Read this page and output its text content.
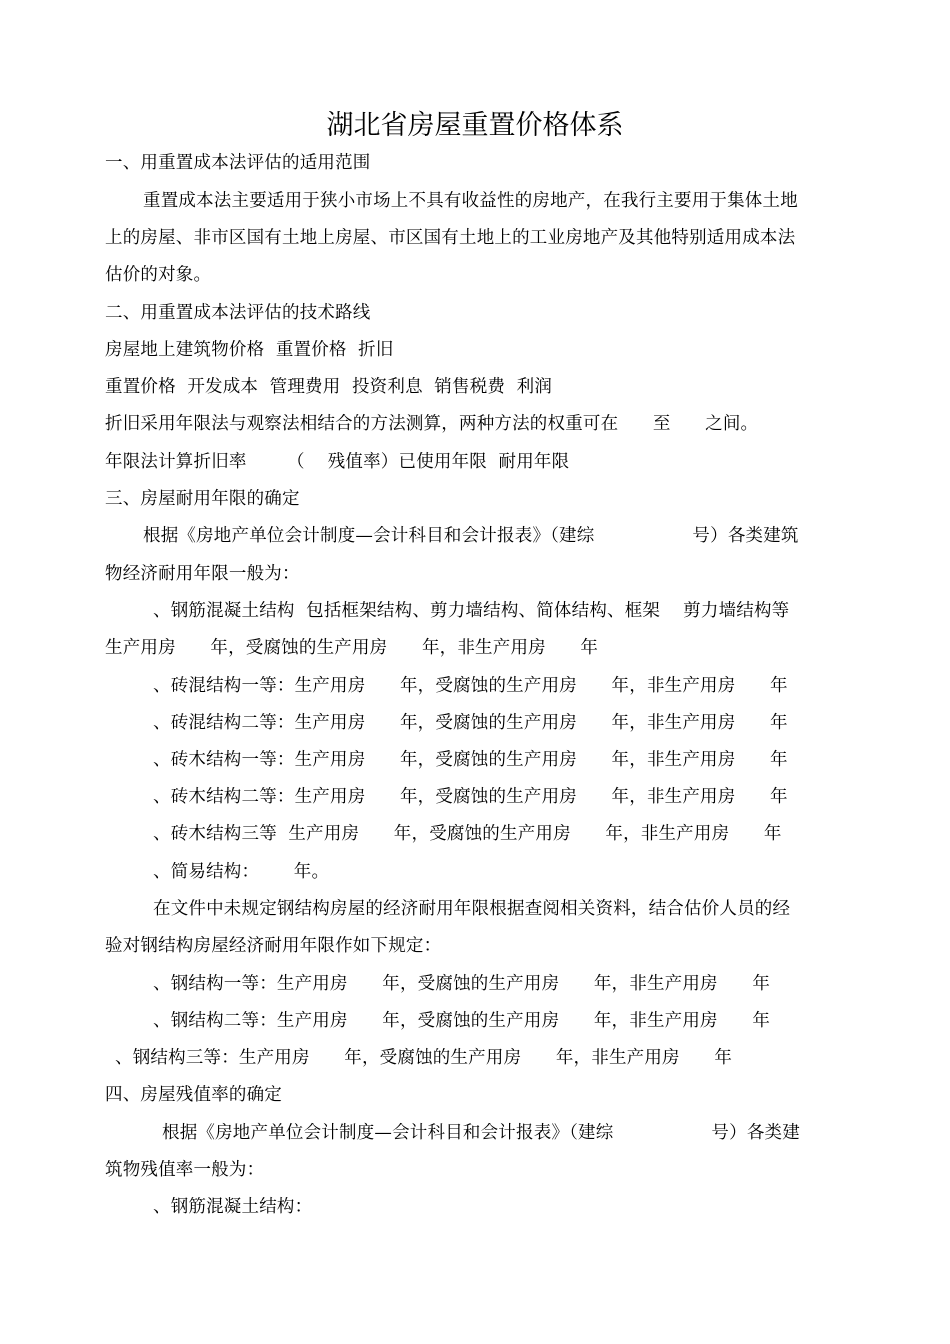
湖北省房屋重置价格体系
一、用重置成本法评估的适用范围
重置成本法主要适用于狭小市场上不具有收益性的房地产，在我行主要用于集体土地
上的房屋、非市区国有土地上房屋、市区国有土地上的工业房地产及其他特别适用成本法
估价的对象。
二、用重置成本法评估的技术路线
房屋地上建筑物价格  重置价格  折旧
重置价格  开发成本  管理费用  投资利息  销售税费  利润
折旧采用年限法与观察法相结合的方法测算，两种方法的权重可在      至      之间。
年限法计算折旧率       （    残值率）已使用年限  耐用年限
三、房屋耐用年限的确定
根据《房地产单位会计制度—会计科目和会计报表》（建综                 号）各类建筑
物经济耐用年限一般为：
、钢筋混凝土结构  包括框架结构、剪力墙结构、简体结构、框架    剪力墙结构等
生产用房      年，受腐蚀的生产用房      年，非生产用房      年
、砖混结构一等：生产用房      年，受腐蚀的生产用房      年，非生产用房      年
、砖混结构二等：生产用房      年，受腐蚀的生产用房      年，非生产用房      年
、砖木结构一等：生产用房      年，受腐蚀的生产用房      年，非生产用房      年
、砖木结构二等：生产用房      年，受腐蚀的生产用房      年，非生产用房      年
、砖木结构三等  生产用房      年，受腐蚀的生产用房      年，非生产用房      年
、简易结构：      年。
在文件中未规定钢结构房屋的经济耐用年限根据查阅相关资料，结合估价人员的经
验对钢结构房屋经济耐用年限作如下规定：
、钢结构一等：生产用房      年，受腐蚀的生产用房      年，非生产用房      年
、钢结构二等：生产用房      年，受腐蚀的生产用房      年，非生产用房      年
、钢结构三等：生产用房      年，受腐蚀的生产用房      年，非生产用房      年
四、房屋残值率的确定
根据《房地产单位会计制度—会计科目和会计报表》（建综                 号）各类建
筑物残值率一般为：
、钢筋混凝土结构：
